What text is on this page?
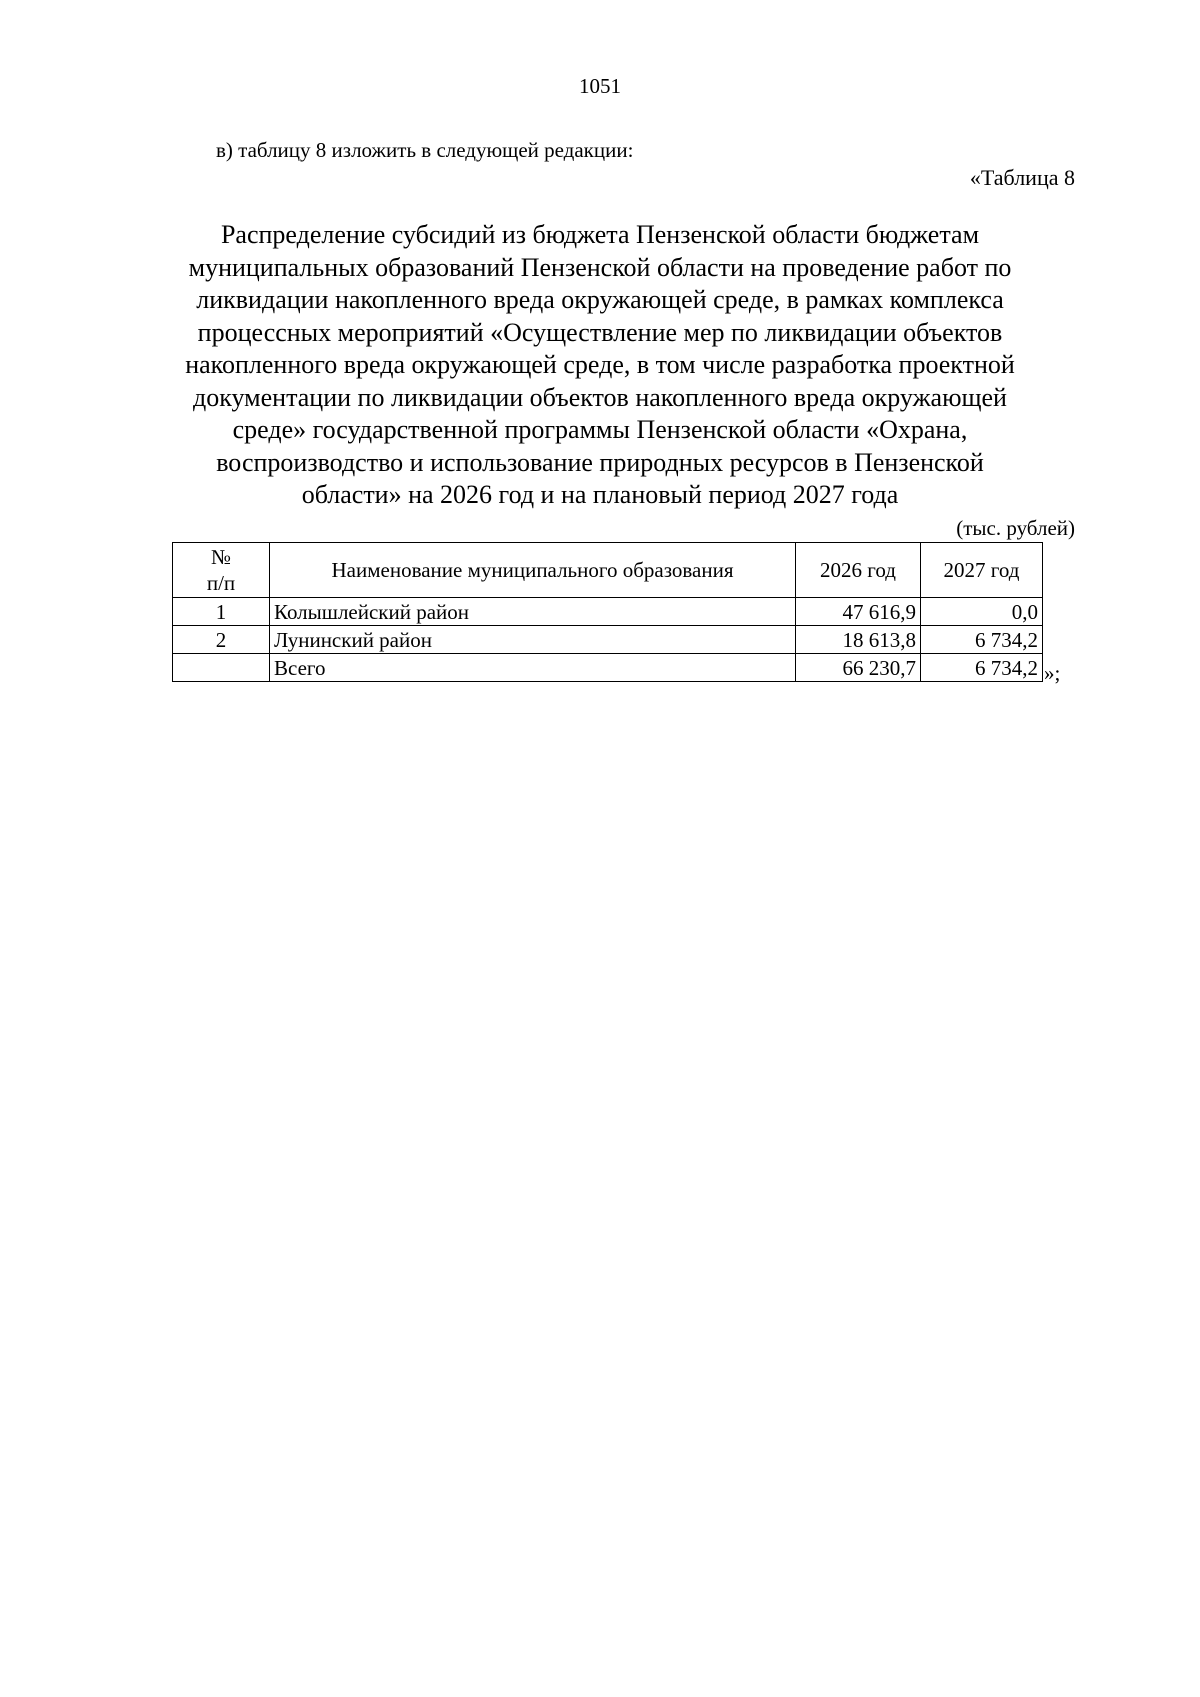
1051
в) таблицу 8 изложить в следующей редакции:
«Таблица 8
Распределение субсидий из бюджета Пензенской области бюджетам
муниципальных образований Пензенской области на проведение работ по
ликвидации накопленного вреда окружающей среде, в рамках комплекса
процессных мероприятий «Осуществление мер по ликвидации объектов
накопленного вреда окружающей среде, в том числе разработка проектной
документации по ликвидации объектов накопленного вреда окружающей
среде» государственной программы Пензенской области «Охрана,
воспроизводство и использование природных ресурсов в Пензенской
области» на 2026 год и на плановый период 2027 года
(тыс. рублей)
№
п/п	Наименование муниципального образования	2026 год	2027 год
1	Колышлейский район	47 616,9	0,0
2	Лунинский район	18 613,8	6 734,2
	Всего	66 230,7	6 734,2 »;
